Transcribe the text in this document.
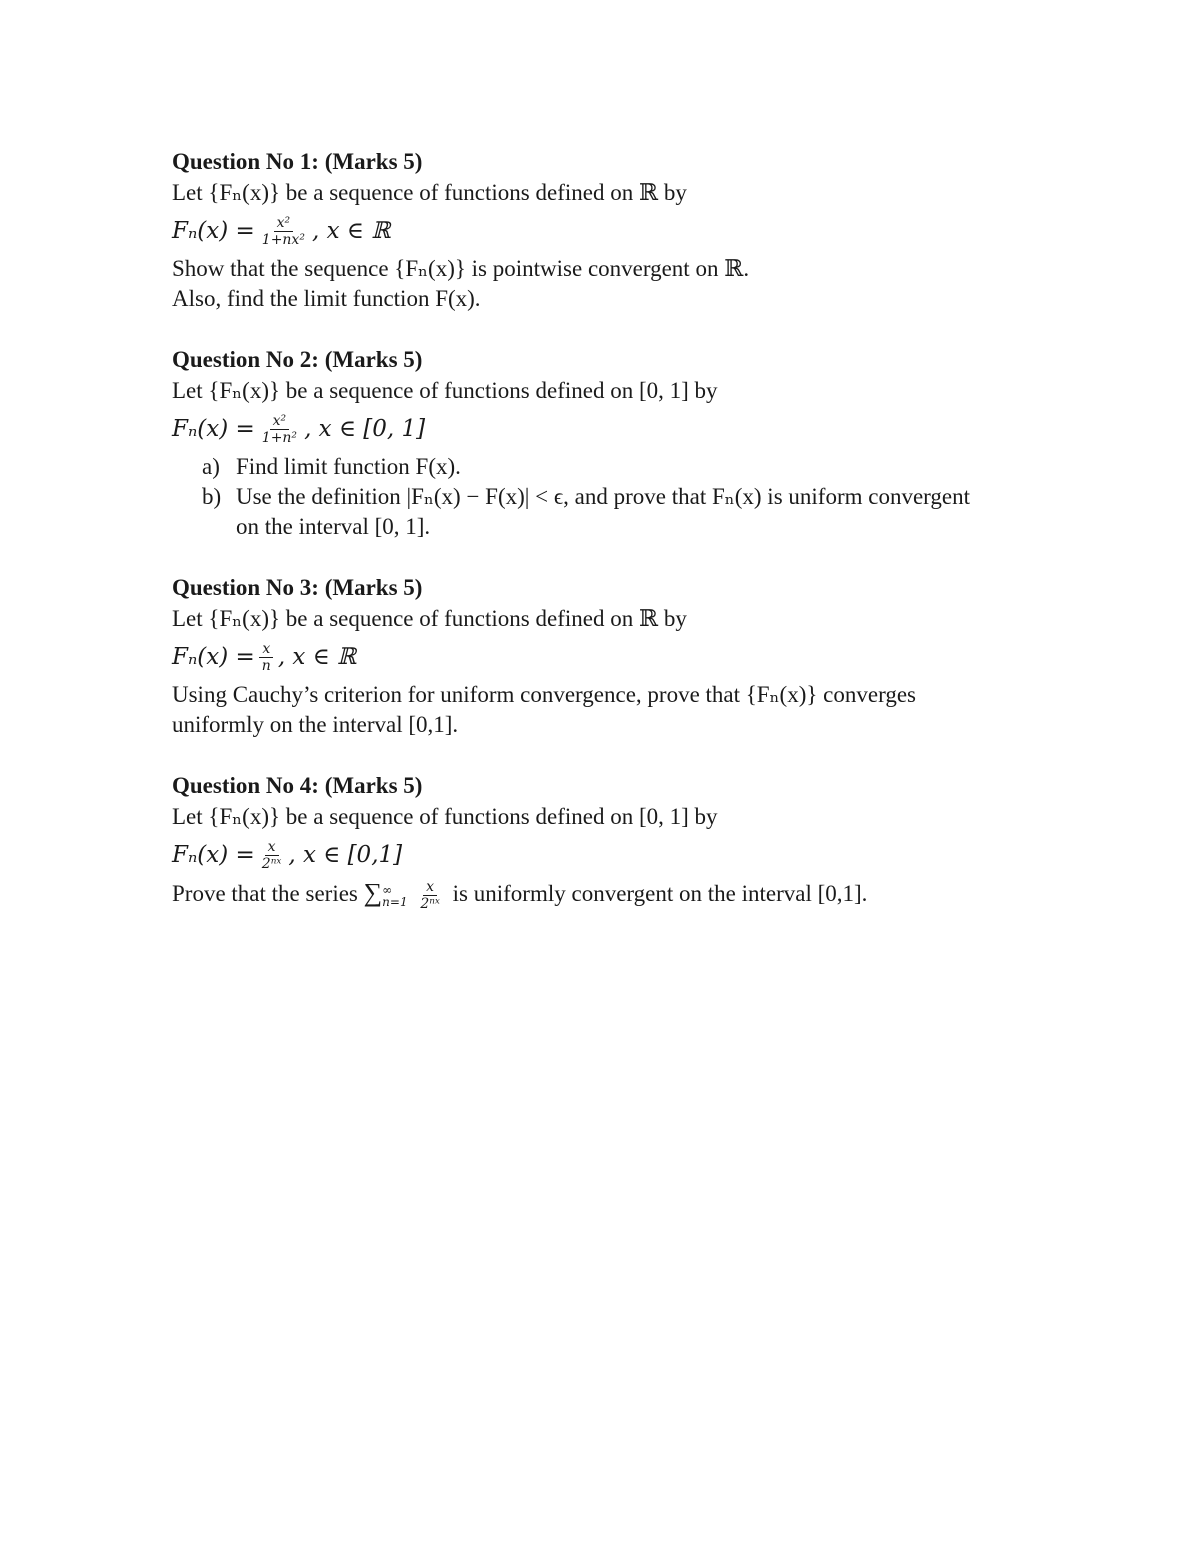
Question No 1: (Marks 5)
Let {Fₙ(x)} be a sequence of functions defined on ℝ by
$F_n(x) = \frac{\text{x²}}{\text{1+nx²}}$ , x ∈ ℝ
Show that the sequence {Fₙ(x)} is pointwise convergent on ℝ.
Also, find the limit function F(x).
Question No 2: (Marks 5)
Let {Fₙ(x)} be a sequence of functions defined on [0, 1] by
$F_n(x) = \frac{\text{x²}}{\text{1+n²}}$ , x ∈ [0, 1]
a) Find limit function F(x).
b) Use the definition |Fₙ(x) − F(x)| < ϵ, and prove that Fₙ(x) is uniform convergent on the interval [0, 1].
Question No 3: (Marks 5)
Let {Fₙ(x)} be a sequence of functions defined on ℝ by
$F_n(x) = \frac{x}{n}$ , x ∈ ℝ
Using Cauchy’s criterion for uniform convergence, prove that {Fₙ(x)} converges
uniformly on the interval [0,1].
Question No 4: (Marks 5)
Let {Fₙ(x)} be a sequence of functions defined on [0, 1] by
$F_n(x) = \frac{x}{\text{2ⁿˣ}}$ , x ∈ [0,1]
Prove that the series ∑ ∞
n=1
$\frac{x}{\text{2ⁿˣ}}$ is uniformly convergent on the interval [0,1].
